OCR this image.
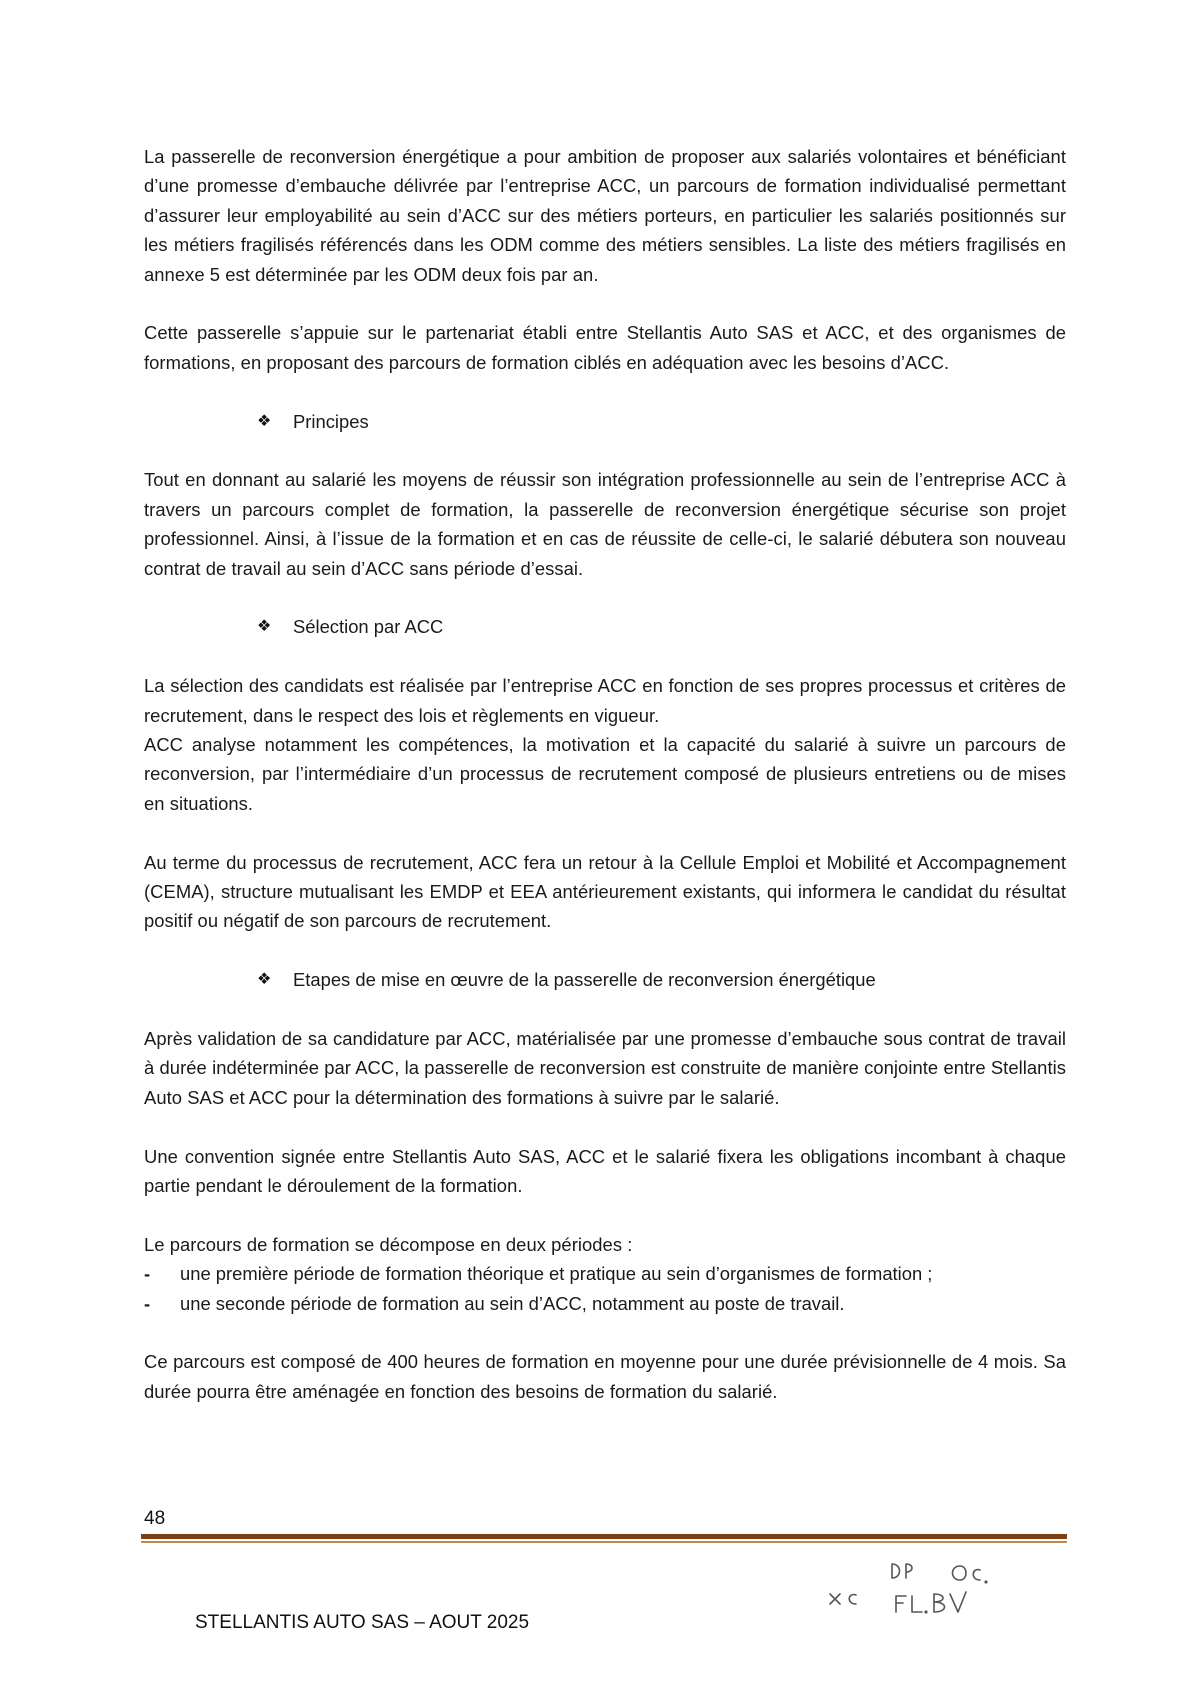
La passerelle de reconversion énergétique a pour ambition de proposer aux salariés volontaires et bénéficiant d’une promesse d’embauche délivrée par l’entreprise ACC, un parcours de formation individualisé permettant d’assurer leur employabilité au sein d’ACC sur des métiers porteurs, en particulier les salariés positionnés sur les métiers fragilisés référencés dans les ODM comme des métiers sensibles. La liste des métiers fragilisés en annexe 5 est déterminée par les ODM deux fois par an.

Cette passerelle s’appuie sur le partenariat établi entre Stellantis Auto SAS et ACC, et des organismes de formations, en proposant des parcours de formation ciblés en adéquation avec les besoins d’ACC.

❖	Principes

Tout en donnant au salarié les moyens de réussir son intégration professionnelle au sein de l’entreprise ACC à travers un parcours complet de formation, la passerelle de reconversion énergétique sécurise son projet professionnel. Ainsi, à l’issue de la formation et en cas de réussite de celle-ci, le salarié débutera son nouveau contrat de travail au sein d’ACC sans période d’essai.

❖	Sélection par ACC

La sélection des candidats est réalisée par l’entreprise ACC en fonction de ses propres processus et critères de recrutement, dans le respect des lois et règlements en vigueur.

ACC analyse notamment les compétences, la motivation et la capacité du salarié à suivre un parcours de reconversion, par l’intermédiaire d’un processus de recrutement composé de plusieurs entretiens ou de mises en situations.

Au terme du processus de recrutement, ACC fera un retour à la Cellule Emploi et Mobilité et Accompagnement (CEMA), structure mutualisant les EMDP et EEA antérieurement existants, qui informera le candidat du résultat positif ou négatif de son parcours de recrutement.

❖	Etapes de mise en œuvre de la passerelle de reconversion énergétique

Après validation de sa candidature par ACC, matérialisée par une promesse d’embauche sous contrat de travail à durée indéterminée par ACC, la passerelle de reconversion est construite de manière conjointe entre Stellantis Auto SAS et ACC pour la détermination des formations à suivre par le salarié.

Une convention signée entre Stellantis Auto SAS, ACC et le salarié fixera les obligations incombant à chaque partie pendant le déroulement de la formation.

Le parcours de formation se décompose en deux périodes :

-	une première période de formation théorique et pratique au sein d’organismes de formation ;
-	une seconde période de formation au sein d’ACC, notamment au poste de travail.

Ce parcours est composé de 400 heures de formation en moyenne pour une durée prévisionnelle de 4 mois. Sa durée pourra être aménagée en fonction des besoins de formation du salarié.

48
STELLANTIS AUTO SAS – AOUT 2025
